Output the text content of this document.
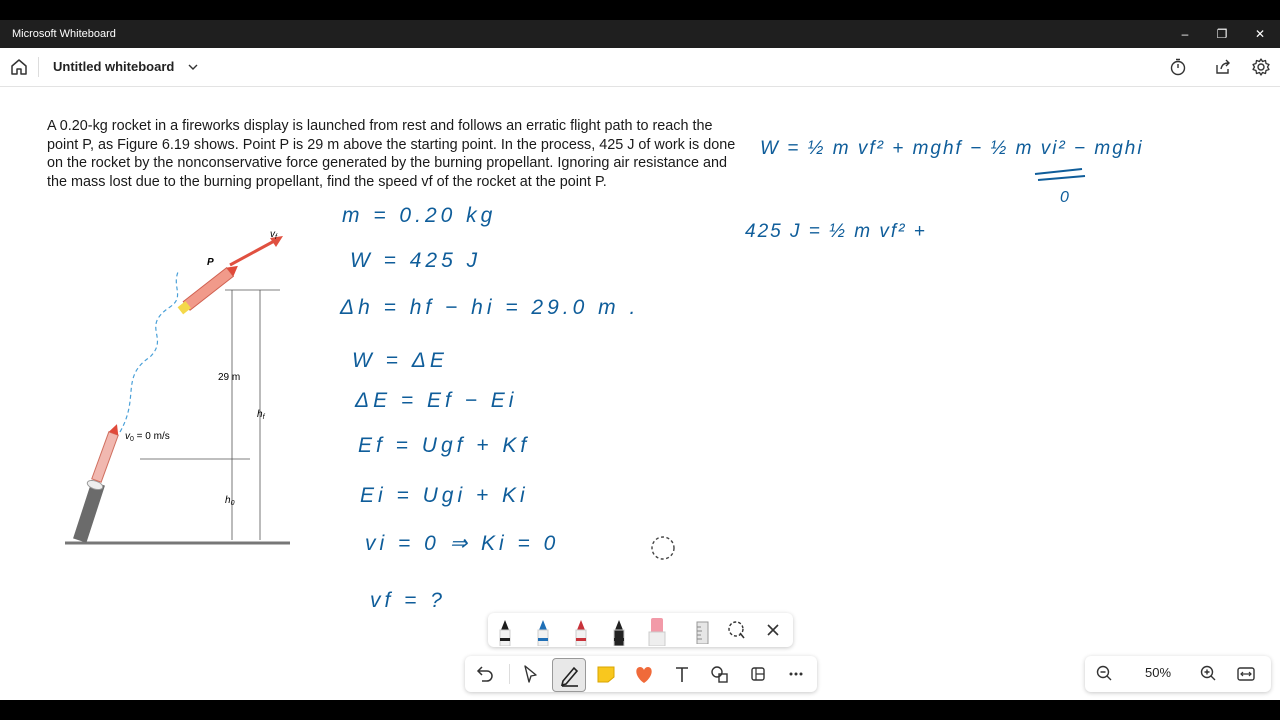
Microsoft Whiteboard	–	❐	✕
Untitled whiteboard
A 0.20-kg rocket in a fireworks display is launched from rest and follows an erratic flight path to reach the point P, as Figure 6.19 shows. Point P is 29 m above the starting point. In the process, 425 J of work is done on the rocket by the nonconservative force generated by the burning propellant. Ignoring air resistance and the mass lost due to the burning propellant, find the speed vf of the rocket at the point P.
$v_f$
P
29 m
$h_f$
$v_0 = 0$ m/s
$h_0$
m = 0.20 kg
W = 425 J
Δh = hf − hi = 29.0 m .
W = ΔE
ΔE = Ef − Ei
Ef = Ugf + Kf
Ei = Ugi + Ki
vi = 0 ⇒ Ki = 0
vf = ?
W = ½ m vf² + mghf − ½ m vi² − mghi
0
425 J = ½ m vf² +
50%
